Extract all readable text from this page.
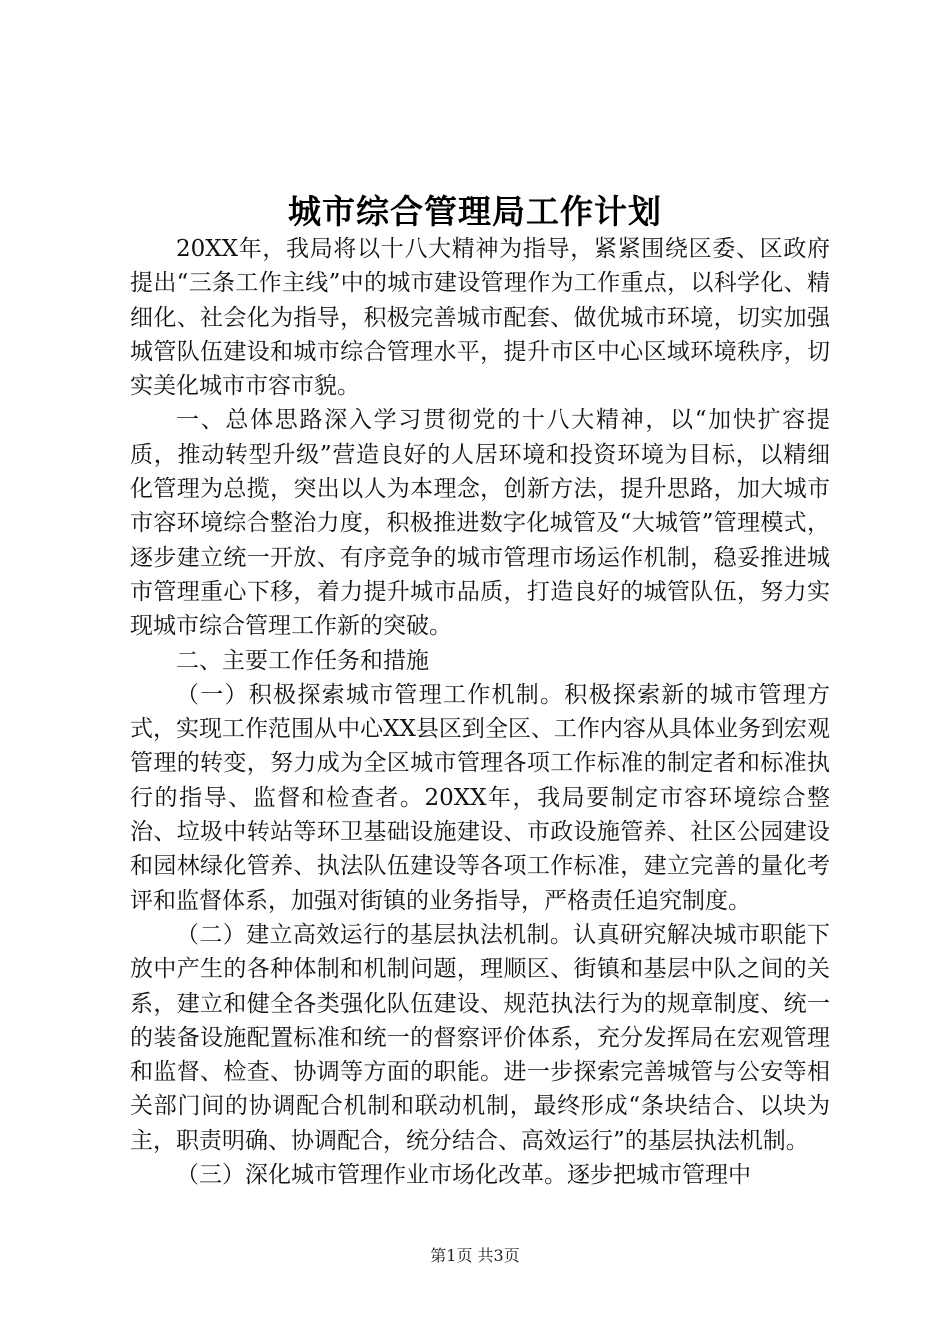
城市综合管理局工作计划

20XX年，我局将以十八大精神为指导，紧紧围绕区委、区政府提出“三条工作主线”中的城市建设管理作为工作重点，以科学化、精细化、社会化为指导，积极完善城市配套、做优城市环境，切实加强城管队伍建设和城市综合管理水平，提升市区中心区域环境秩序，切实美化城市市容市貌。

一、总体思路深入学习贯彻党的十八大精神，以“加快扩容提质，推动转型升级”营造良好的人居环境和投资环境为目标，以精细化管理为总揽，突出以人为本理念，创新方法，提升思路，加大城市市容环境综合整治力度，积极推进数字化城管及“大城管”管理模式，逐步建立统一开放、有序竞争的城市管理市场运作机制，稳妥推进城市管理重心下移，着力提升城市品质，打造良好的城管队伍，努力实现城市综合管理工作新的突破。

二、主要工作任务和措施

（一）积极探索城市管理工作机制。积极探索新的城市管理方式，实现工作范围从中心XX县区到全区、工作内容从具体业务到宏观管理的转变，努力成为全区城市管理各项工作标准的制定者和标准执行的指导、监督和检查者。20XX年，我局要制定市容环境综合整治、垃圾中转站等环卫基础设施建设、市政设施管养、社区公园建设和园林绿化管养、执法队伍建设等各项工作标准，建立完善的量化考评和监督体系，加强对街镇的业务指导，严格责任追究制度。

（二）建立高效运行的基层执法机制。认真研究解决城市职能下放中产生的各种体制和机制问题，理顺区、街镇和基层中队之间的关系，建立和健全各类强化队伍建设、规范执法行为的规章制度、统一的装备设施配置标准和统一的督察评价体系，充分发挥局在宏观管理和监督、检查、协调等方面的职能。进一步探索完善城管与公安等相关部门间的协调配合机制和联动机制，最终形成“条块结合、以块为主，职责明确、协调配合，统分结合、高效运行”的基层执法机制。

（三）深化城市管理作业市场化改革。逐步把城市管理中

第1页 共3页
